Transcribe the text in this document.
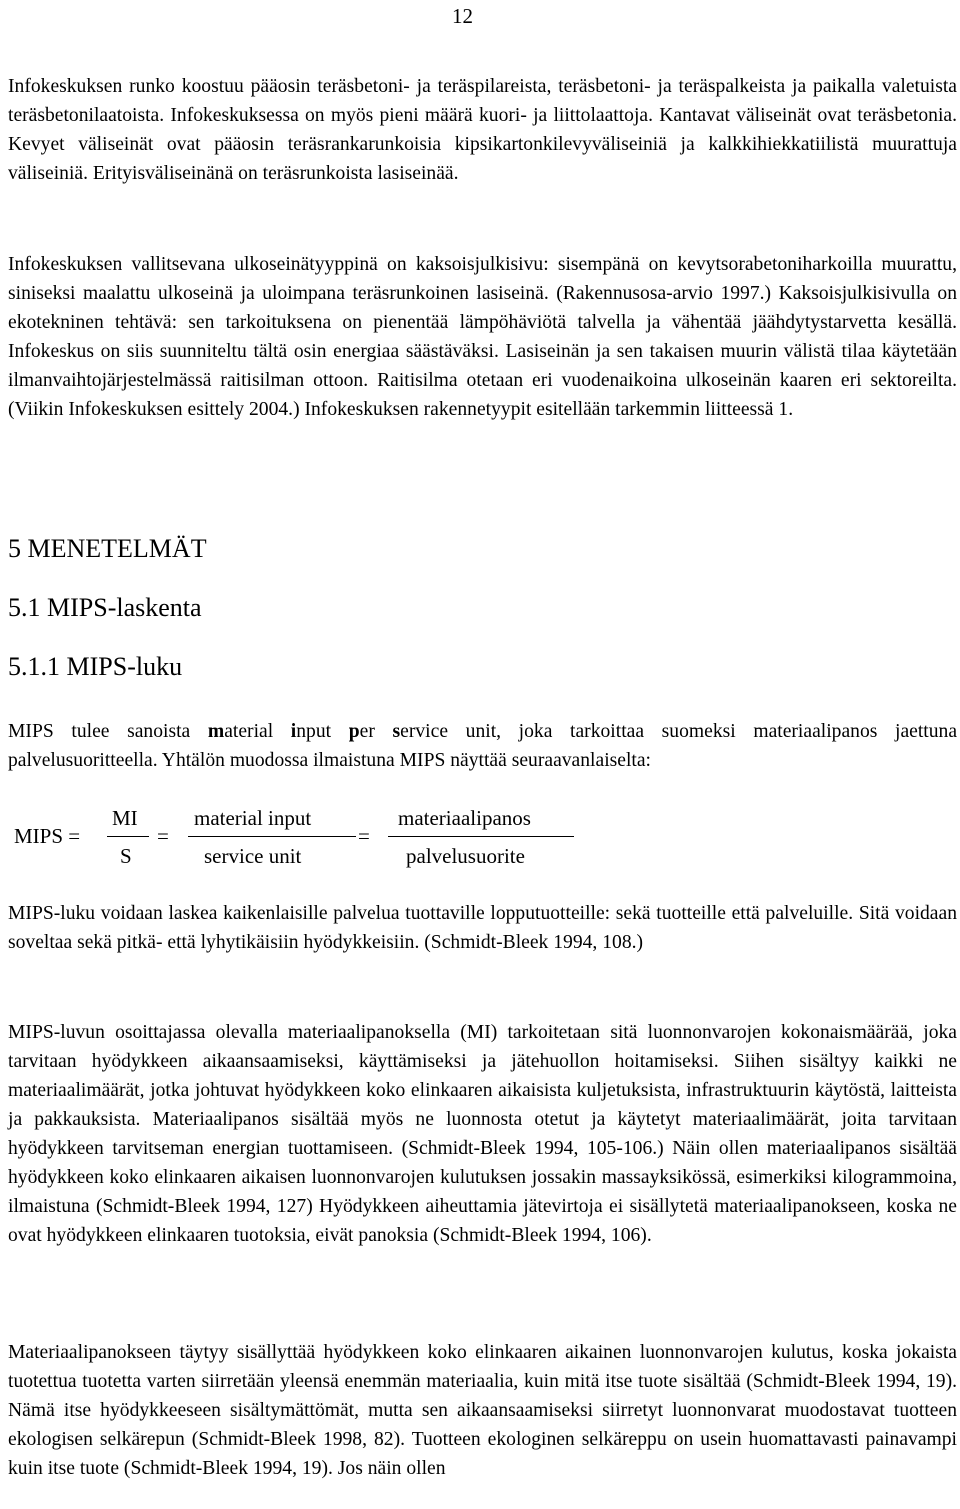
12

Infokeskuksen runko koostuu pääosin teräsbetoni- ja teräspilareista, teräsbetoni- ja teräspalkeista ja paikalla valetuista teräsbetonilaatoista. Infokeskuksessa on myös pieni määrä kuori- ja liittolaattoja. Kantavat väliseinät ovat teräsbetonia. Kevyet väliseinät ovat pääosin teräsrankarunkoisia kipsikartonkilevyväliseiniä ja kalkkihiekkatiilistä muurattuja väliseiniä. Erityisväliseinänä on teräsrunkoista lasiseinää.

Infokeskuksen vallitsevana ulkoseinätyyppinä on kaksoisjulkisivu: sisempänä on kevytsorabetoniharkoilla muurattu, siniseksi maalattu ulkoseinä ja uloimpana teräsrunkoinen lasiseinä. (Rakennusosa-arvio 1997.) Kaksoisjulkisivulla on ekotekninen tehtävä: sen tarkoituksena on pienentää lämpöhäviötä talvella ja vähentää jäähdytystarvetta kesällä. Infokeskus on siis suunniteltu tältä osin energiaa säästäväksi. Lasiseinän ja sen takaisen muurin välistä tilaa käytetään ilmanvaihtojärjestelmässä raitisilman ottoon. Raitisilma otetaan eri vuodenaikoina ulkoseinän kaaren eri sektoreilta. (Viikin Infokeskuksen esittely 2004.) Infokeskuksen rakennetyypit esitellään tarkemmin liitteessä 1.

5 MENETELMÄT
5.1 MIPS-laskenta
5.1.1 MIPS-luku

MIPS tulee sanoista material input per service unit, joka tarkoittaa suomeksi materiaalipanos jaettuna palvelusuoritteella. Yhtälön muodossa ilmaistuna MIPS näyttää seuraavanlaiselta:

MIPS =
MI
S
=
material input
service unit
=
materiaalipanos
palvelusuorite

MIPS-luku voidaan laskea kaikenlaisille palvelua tuottaville lopputuotteille: sekä tuotteille että palveluille. Sitä voidaan soveltaa sekä pitkä- että lyhytikäisiin hyödykkeisiin. (Schmidt-Bleek 1994, 108.)

MIPS-luvun osoittajassa olevalla materiaalipanoksella (MI) tarkoitetaan sitä luonnonvarojen kokonaismäärää, joka tarvitaan hyödykkeen aikaansaamiseksi, käyttämiseksi ja jätehuollon hoitamiseksi. Siihen sisältyy kaikki ne materiaalimäärät, jotka johtuvat hyödykkeen koko elinkaaren aikaisista kuljetuksista, infrastruktuurin käytöstä, laitteista ja pakkauksista. Materiaalipanos sisältää myös ne luonnosta otetut ja käytetyt materiaalimäärät, joita tarvitaan hyödykkeen tarvitseman energian tuottamiseen. (Schmidt-Bleek 1994, 105-106.) Näin ollen materiaalipanos sisältää hyödykkeen koko elinkaaren aikaisen luonnonvarojen kulutuksen jossakin massayksikössä, esimerkiksi kilogrammoina, ilmaistuna (Schmidt-Bleek 1994, 127) Hyödykkeen aiheuttamia jätevirtoja ei sisällytetä materiaalipanokseen, koska ne ovat hyödykkeen elinkaaren tuotoksia, eivät panoksia (Schmidt-Bleek 1994, 106).

Materiaalipanokseen täytyy sisällyttää hyödykkeen koko elinkaaren aikainen luonnonvarojen kulutus, koska jokaista tuotettua tuotetta varten siirretään yleensä enemmän materiaalia, kuin mitä itse tuote sisältää (Schmidt-Bleek 1994, 19). Nämä itse hyödykkeeseen sisältymättömät, mutta sen aikaansaamiseksi siirretyt luonnonvarat muodostavat tuotteen ekologisen selkärepun (Schmidt-Bleek 1998, 82). Tuotteen ekologinen selkäreppu on usein huomattavasti painavampi kuin itse tuote (Schmidt-Bleek 1994, 19). Jos näin ollen
